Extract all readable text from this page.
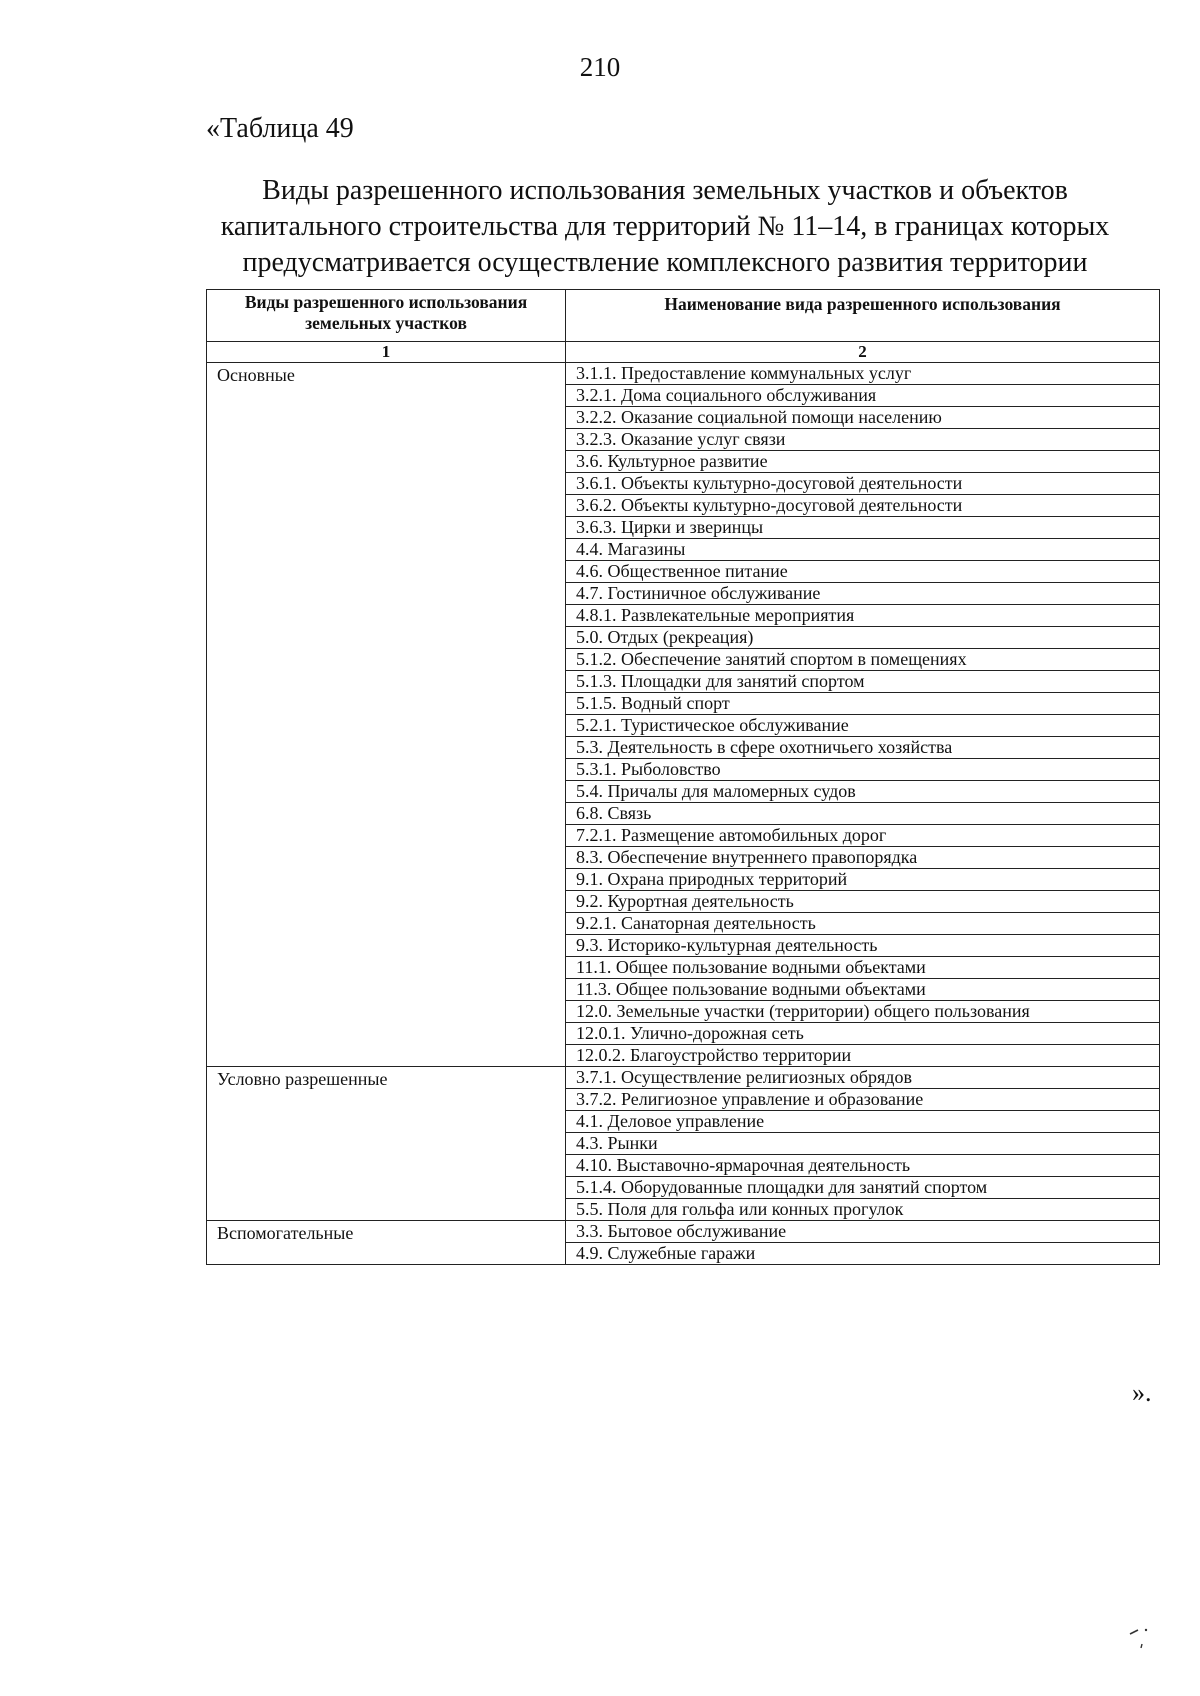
210
«Таблица 49
Виды разрешенного использования земельных участков и объектов
капитального строительства для территорий № 11–14, в границах которых
предусматривается осуществление комплексного развития территории
Виды разрешенного использования земельных участков	Наименование вида разрешенного использования
1	2
Основные	3.1.1. Предоставление коммунальных услуг
	3.2.1. Дома социального обслуживания
	3.2.2. Оказание социальной помощи населению
	3.2.3. Оказание услуг связи
	3.6. Культурное развитие
	3.6.1. Объекты культурно-досуговой деятельности
	3.6.2. Объекты культурно-досуговой деятельности
	3.6.3. Цирки и зверинцы
	4.4. Магазины
	4.6. Общественное питание
	4.7. Гостиничное обслуживание
	4.8.1. Развлекательные мероприятия
	5.0. Отдых (рекреация)
	5.1.2. Обеспечение занятий спортом в помещениях
	5.1.3. Площадки для занятий спортом
	5.1.5. Водный спорт
	5.2.1. Туристическое обслуживание
	5.3. Деятельность в сфере охотничьего хозяйства
	5.3.1. Рыболовство
	5.4. Причалы для маломерных судов
	6.8. Связь
	7.2.1. Размещение автомобильных дорог
	8.3. Обеспечение внутреннего правопорядка
	9.1. Охрана природных территорий
	9.2. Курортная деятельность
	9.2.1. Санаторная деятельность
	9.3. Историко-культурная деятельность
	11.1. Общее пользование водными объектами
	11.3. Общее пользование водными объектами
	12.0. Земельные участки (территории) общего пользования
	12.0.1. Улично-дорожная сеть
	12.0.2. Благоустройство территории
Условно разрешенные	3.7.1. Осуществление религиозных обрядов
	3.7.2. Религиозное управление и образование
	4.1. Деловое управление
	4.3. Рынки
	4.10. Выставочно-ярмарочная деятельность
	5.1.4. Оборудованные площадки для занятий спортом
	5.5. Поля для гольфа или конных прогулок
Вспомогательные	3.3. Бытовое обслуживание
	4.9. Служебные гаражи
».
